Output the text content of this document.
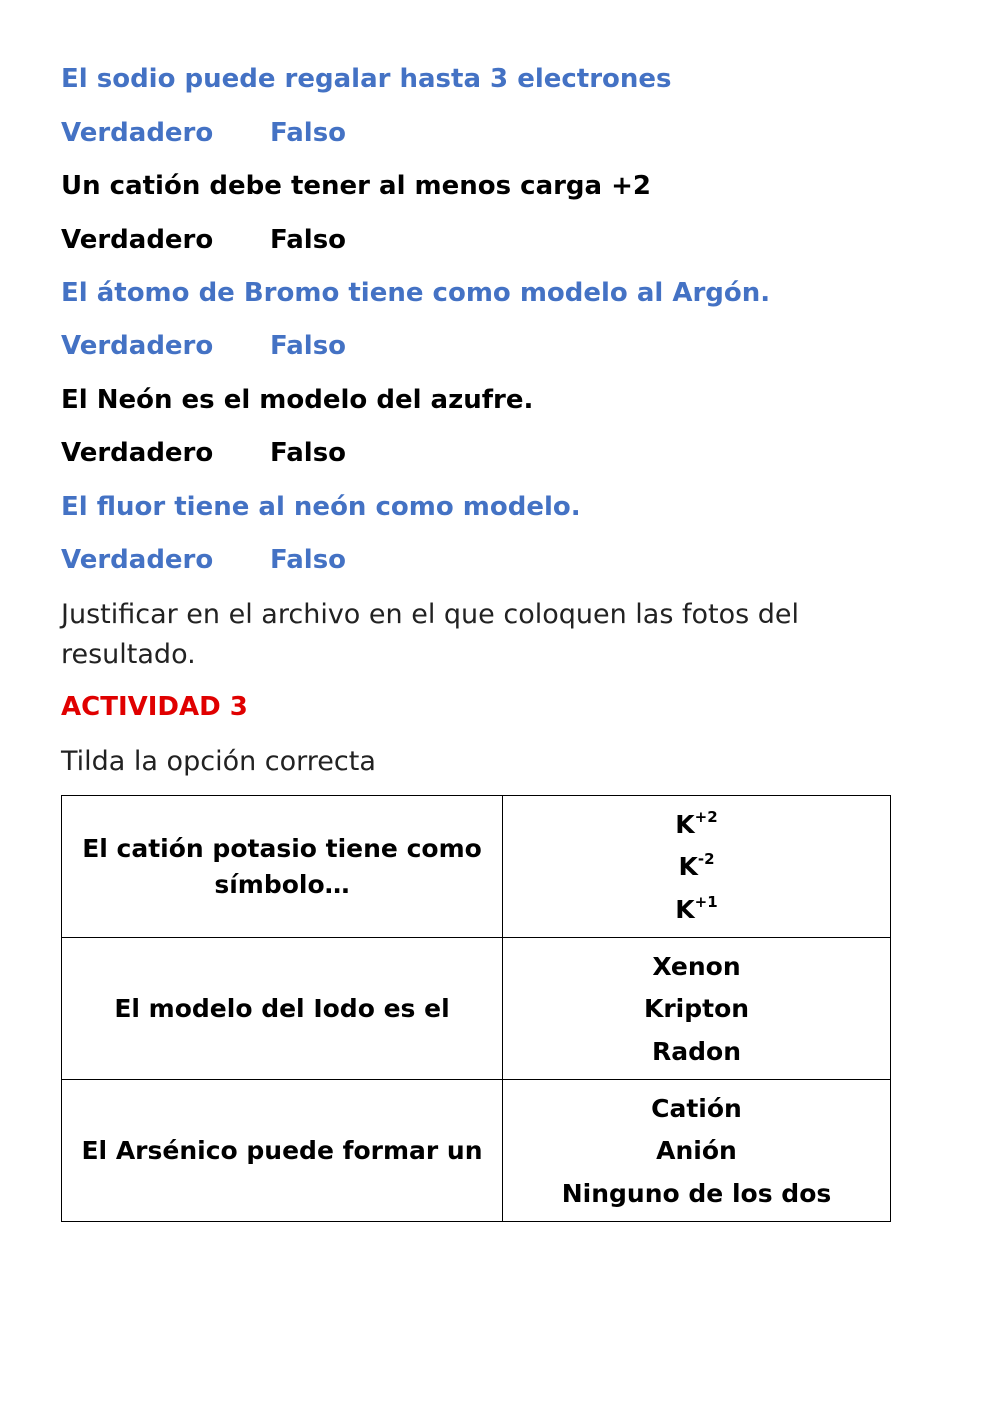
El sodio puede regalar hasta 3 electrones
Verdadero Falso
Un catión debe tener al menos carga +2
Verdadero Falso
El átomo de Bromo tiene como modelo al Argón.
Verdadero Falso
El Neón es el modelo del azufre.
Verdadero Falso
El fluor tiene al neón como modelo.
Verdadero Falso
Justificar en el archivo en el que coloquen las fotos del resultado.
ACTIVIDAD 3
Tilda la opción correcta
El catión potasio tiene como símbolo…	$K^{+2}$
$K^{-2}$
$K^{+1}$

El modelo del Iodo es el	Xenon
Kripton
Radon

El Arsénico puede formar un	Catión
Anión
Ninguno de los dos
